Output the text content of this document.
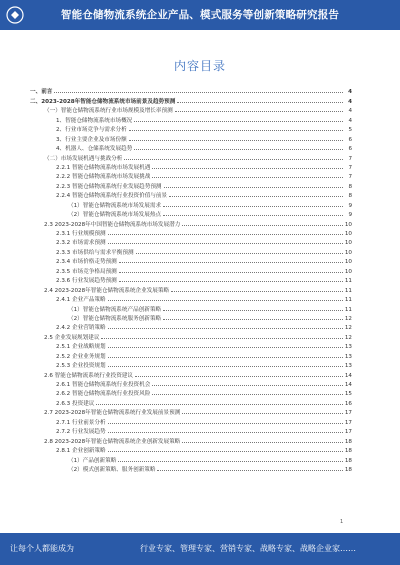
智能仓储物流系统企业产品、模式服务等创新策略研究报告
内容目录
一、前言	4
二、2023-2028年智能仓储物流系统市场前景及趋势预测	4
（一）智能仓储物流系统行业市场规模及增长率预测	4
1、智能仓储物流系统市场概况	4
2、行业市场竞争与需求分析	5
3、行业主要企业及市场份额	6
4、机器人、仓储系统发展趋势	6
（二）市场发展机遇与挑战分析	7
2.2.1 智能仓储物流系统市场发展机遇	7
2.2.2 智能仓储物流系统市场发展挑战	7
2.2.3 智能仓储物流系统行业发展趋势预测	8
2.2.4 智能仓储物流系统行业投资价值与前景	8
（1）智能仓储物流系统市场发展需求	9
（2）智能仓储物流系统市场发展热点	9
2.3 2023-2028年中国智能仓储物流系统市场发展潜力	10
2.3.1 行业规模预测	10
2.3.2 市场需求预测	10
2.3.3 市场供给与需求平衡预测	10
2.3.4 市场价格走势预测	10
2.3.5 市场竞争格局预测	10
2.3.6 行业发展趋势预测	11
2.4 2023-2028年智能仓储物流系统企业发展策略	11
2.4.1 企业产品策略	11
（1）智能仓储物流系统产品创新策略	11
（2）智能仓储物流系统服务创新策略	12
2.4.2 企业营销策略	12
2.5 企业发展规划建议	12
2.5.1 企业战略规划	13
2.5.2 企业业务规划	13
2.5.3 企业投资规划	13
2.6 智能仓储物流系统行业投资建议	14
2.6.1 智能仓储物流系统行业投资机会	14
2.6.2 智能仓储物流系统行业投资风险	15
2.6.3 投资建议	16
2.7 2023-2028年智能仓储物流系统行业发展前景预测	17
2.7.1 行业前景分析	17
2.7.2 行业发展趋势	17
2.8 2023-2028年智能仓储物流系统企业创新发展策略	18
2.8.1 企业创新策略	18
（1）产品创新策略	18
（2）模式创新策略、服务创新策略	18
1
让每个人都能成为	行业专家、管理专家、营销专家、战略专家、战略企业家……
